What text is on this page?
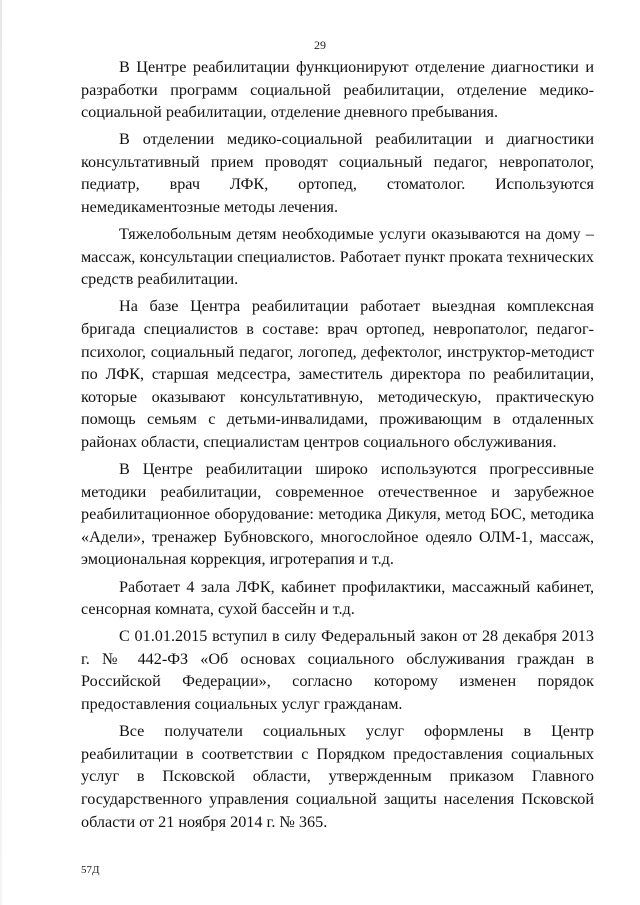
29

В Центре реабилитации функционируют отделение диагностики и разработки программ социальной реабилитации, отделение медико-социальной реабилитации, отделение дневного пребывания.

В отделении медико-социальной реабилитации и диагностики консультативный прием проводят социальный педагог, невропатолог, педиатр, врач ЛФК, ортопед, стоматолог. Используются немедикаментозные методы лечения.

Тяжелобольным детям необходимые услуги оказываются на дому – массаж, консультации специалистов. Работает пункт проката технических средств реабилитации.

На базе Центра реабилитации работает выездная комплексная бригада специалистов в составе: врач ортопед, невропатолог, педагог-психолог, социальный педагог, логопед, дефектолог, инструктор-методист по ЛФК, старшая медсестра, заместитель директора по реабилитации, которые оказывают консультативную, методическую, практическую помощь семьям с детьми-инвалидами, проживающим в отдаленных районах области, специалистам центров социального обслуживания.

В Центре реабилитации широко используются прогрессивные методики реабилитации, современное отечественное и зарубежное реабилитационное оборудование: методика Дикуля, метод БОС, методика «Адели», тренажер Бубновского, многослойное одеяло ОЛМ-1, массаж, эмоциональная коррекция, игротерапия и т.д.

Работает 4 зала ЛФК, кабинет профилактики, массажный кабинет, сенсорная комната, сухой бассейн и т.д.

С 01.01.2015 вступил в силу Федеральный закон от 28 декабря 2013 г. № 442-ФЗ «Об основах социального обслуживания граждан в Российской Федерации», согласно которому изменен порядок предоставления социальных услуг гражданам.

Все получатели социальных услуг оформлены в Центр реабилитации в соответствии с Порядком предоставления социальных услуг в Псковской области, утвержденным приказом Главного государственного управления социальной защиты населения Псковской области от 21 ноября 2014 г. № 365.

57Д
